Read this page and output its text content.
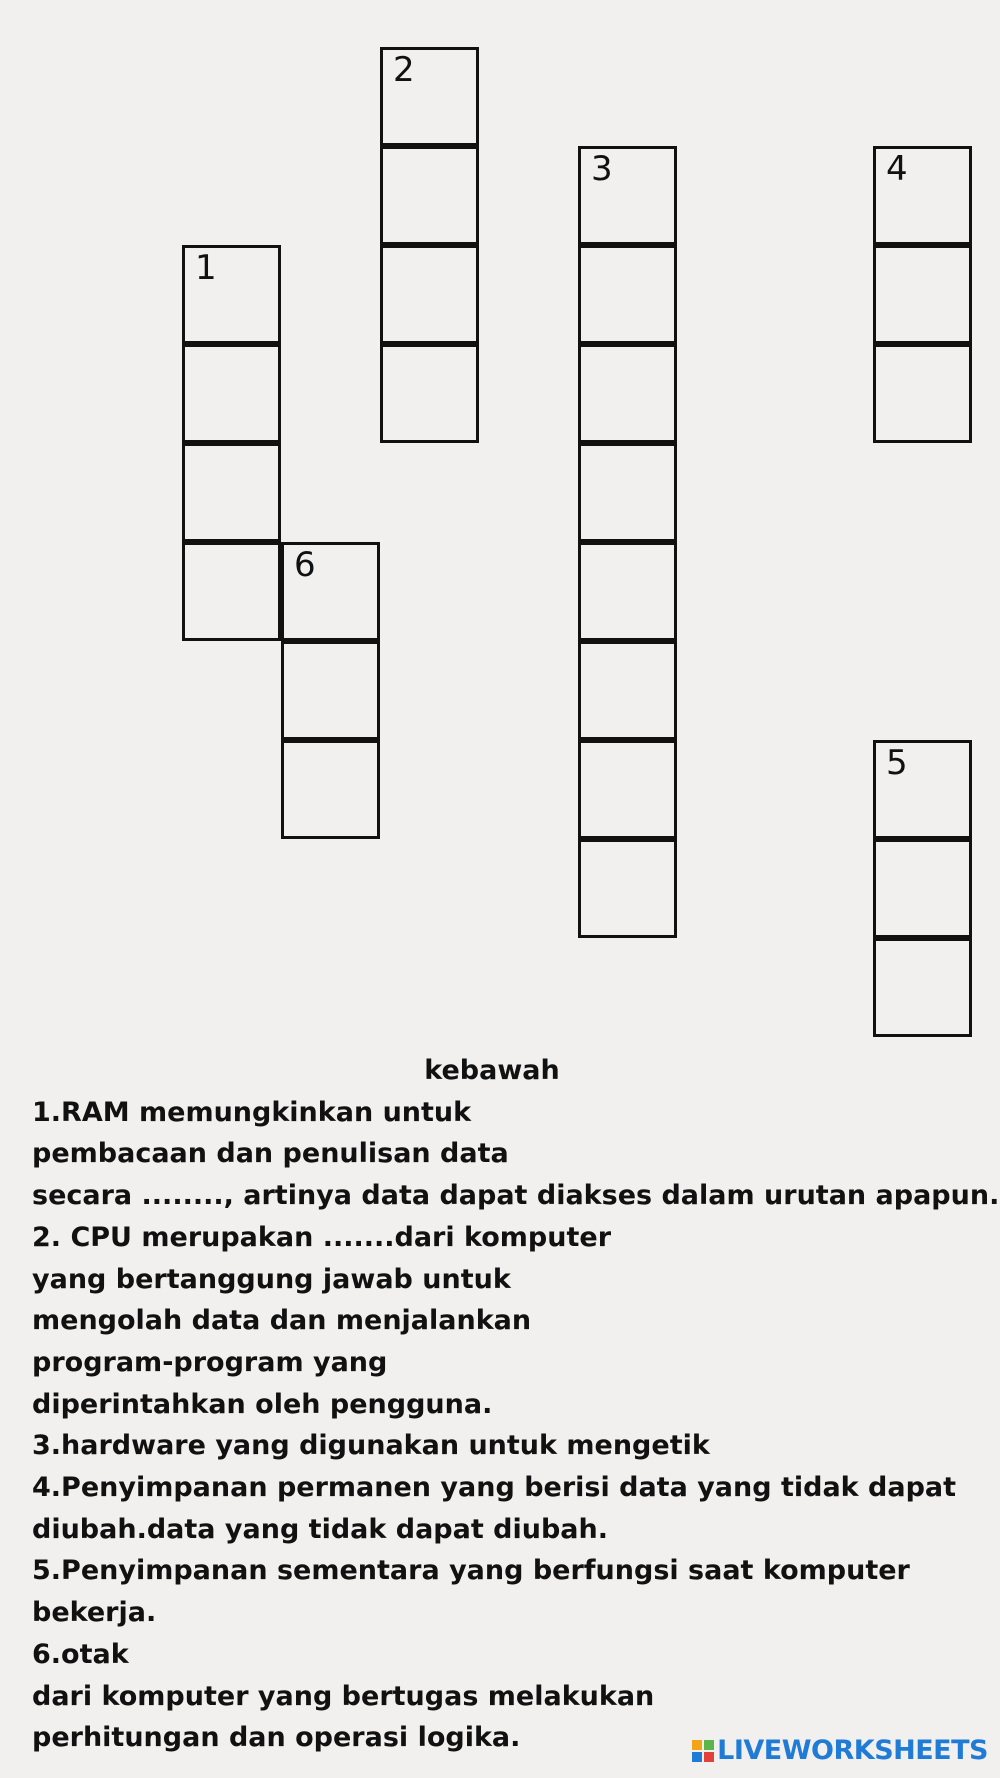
1
6
2
3	4
5
kebawah
1.RAM memungkinkan untuk
pembacaan dan penulisan data
secara ........, artinya data dapat diakses dalam urutan apapun.
2. CPU merupakan .......dari komputer
yang bertanggung jawab untuk
mengolah data dan menjalankan
program-program yang
diperintahkan oleh pengguna.
3.hardware yang digunakan untuk mengetik
4.Penyimpanan permanen yang berisi data yang tidak dapat
diubah.data yang tidak dapat diubah.
5.Penyimpanan sementara yang berfungsi saat komputer
bekerja.
6.otak
dari komputer yang bertugas melakukan
perhitungan dan operasi logika.	LIVEWORKSHEETS
